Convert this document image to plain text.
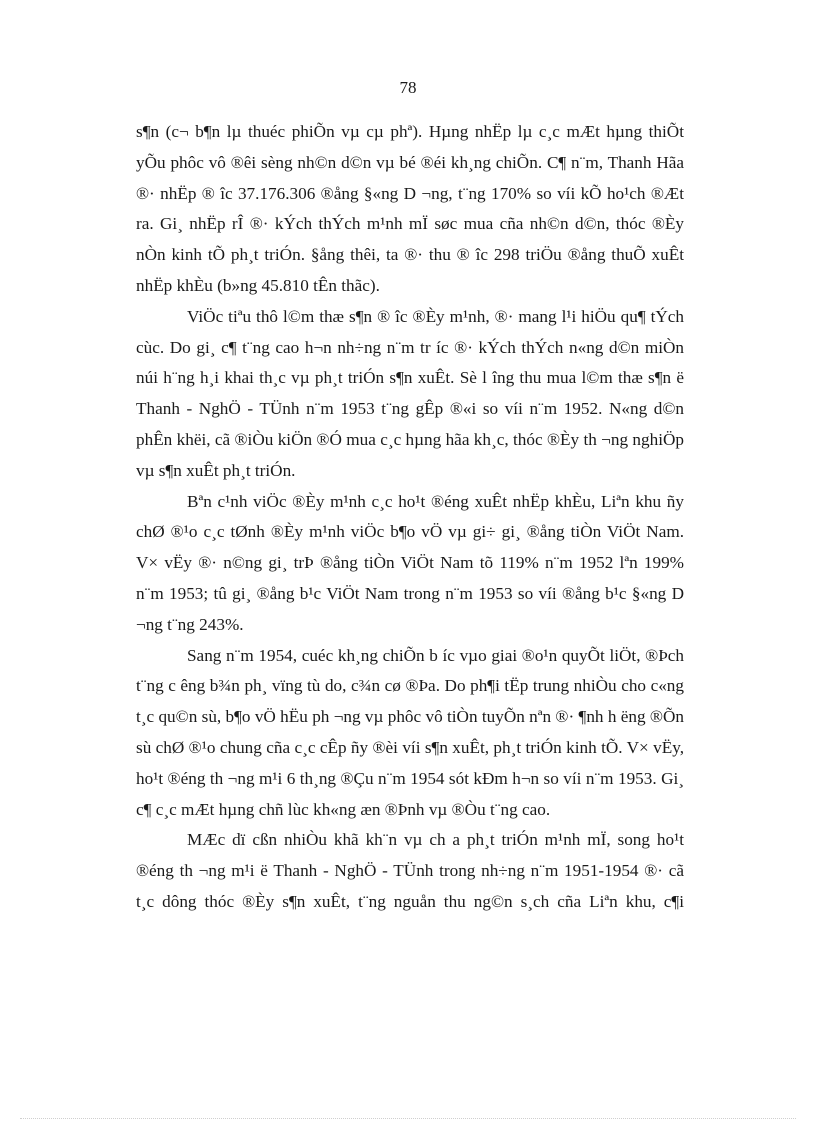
78

s¶n (c¬ b¶n lµ thuéc phiÕn vµ cµ phª). Hµng nhËp lµ c¸c mÆt hµng thiÕt yÕu phôc vô ®êi sèng nh©n d©n vµ bé ®éi kh¸ng chiÕn. C¶ n¨m, Thanh Hãa ®· nhËp ® îc 37.176.306 ®ång §«ng D ¬ng, t¨ng 170% so víi kÕ ho¹ch ®Æt ra. Gi¸ nhËp rÎ ®· kÝch thÝch m¹nh mÏ søc mua cña nh©n d©n, thóc ®Èy nÒn kinh tÕ ph¸t triÓn. §ång thêi, ta ®· thu ® îc 298 triÖu ®ång thuÕ xuÊt nhËp khÈu (b»ng 45.810 tÊn thãc).

ViÖc tiªu thô l©m thæ s¶n ® îc ®Èy m¹nh, ®· mang l¹i hiÖu qu¶ tÝch cùc. Do gi¸ c¶ t¨ng cao h¬n nh÷ng n¨m tr íc ®· kÝch thÝch n«ng d©n miÒn núi h¨ng h¸i khai th¸c vµ ph¸t triÓn s¶n xuÊt. Sè l îng thu mua l©m thæ s¶n ë Thanh - NghÖ - TÜnh n¨m 1953 t¨ng gÊp ®«i so víi n¨m 1952. N«ng d©n phÊn khëi, cã ®iÒu kiÖn ®Ó mua c¸c hµng hãa kh¸c, thóc ®Èy th ¬ng nghiÖp vµ s¶n xuÊt ph¸t triÓn.

Bªn c¹nh viÖc ®Èy m¹nh c¸c ho¹t ®éng xuÊt nhËp khÈu, Liªn khu ñy chØ ®¹o c¸c tØnh ®Èy m¹nh viÖc b¶o vÖ vµ gi÷ gi¸ ®ång tiÒn ViÖt Nam. V× vËy ®· n©ng gi¸ trÞ ®ång tiÒn ViÖt Nam tõ 119% n¨m 1952 lªn 199% n¨m 1953; tû gi¸ ®ång b¹c ViÖt Nam trong n¨m 1953 so víi ®ång b¹c §«ng D ¬ng t¨ng 243%.

Sang n¨m 1954, cuéc kh¸ng chiÕn b íc vµo giai ®o¹n quyÕt liÖt, ®Þch t¨ng c êng b¾n ph¸ vïng tù do, c¾n cø ®Þa. Do ph¶i tËp trung nhiÒu cho c«ng t¸c qu©n sù, b¶o vÖ hËu ph ¬ng vµ phôc vô tiÒn tuyÕn nªn ®· ¶nh h ëng ®Õn sù chØ ®¹o chung cña c¸c cÊp ñy ®èi víi s¶n xuÊt, ph¸t triÓn kinh tÕ. V× vËy, ho¹t ®éng th ¬ng m¹i 6 th¸ng ®Çu n¨m 1954 sót kÐm h¬n so víi n¨m 1953. Gi¸ c¶ c¸c mÆt hµng chñ lùc kh«ng æn ®Þnh vµ ®Òu t¨ng cao.

MÆc dï cßn nhiÒu khã kh¨n vµ ch a ph¸t triÓn m¹nh mÏ, song ho¹t ®éng th ¬ng m¹i ë Thanh - NghÖ - TÜnh trong nh÷ng n¨m 1951-1954 ®· cã t¸c dông thóc ®Èy s¶n xuÊt, t¨ng nguån thu ng©n s¸ch cña Liªn khu, c¶i
